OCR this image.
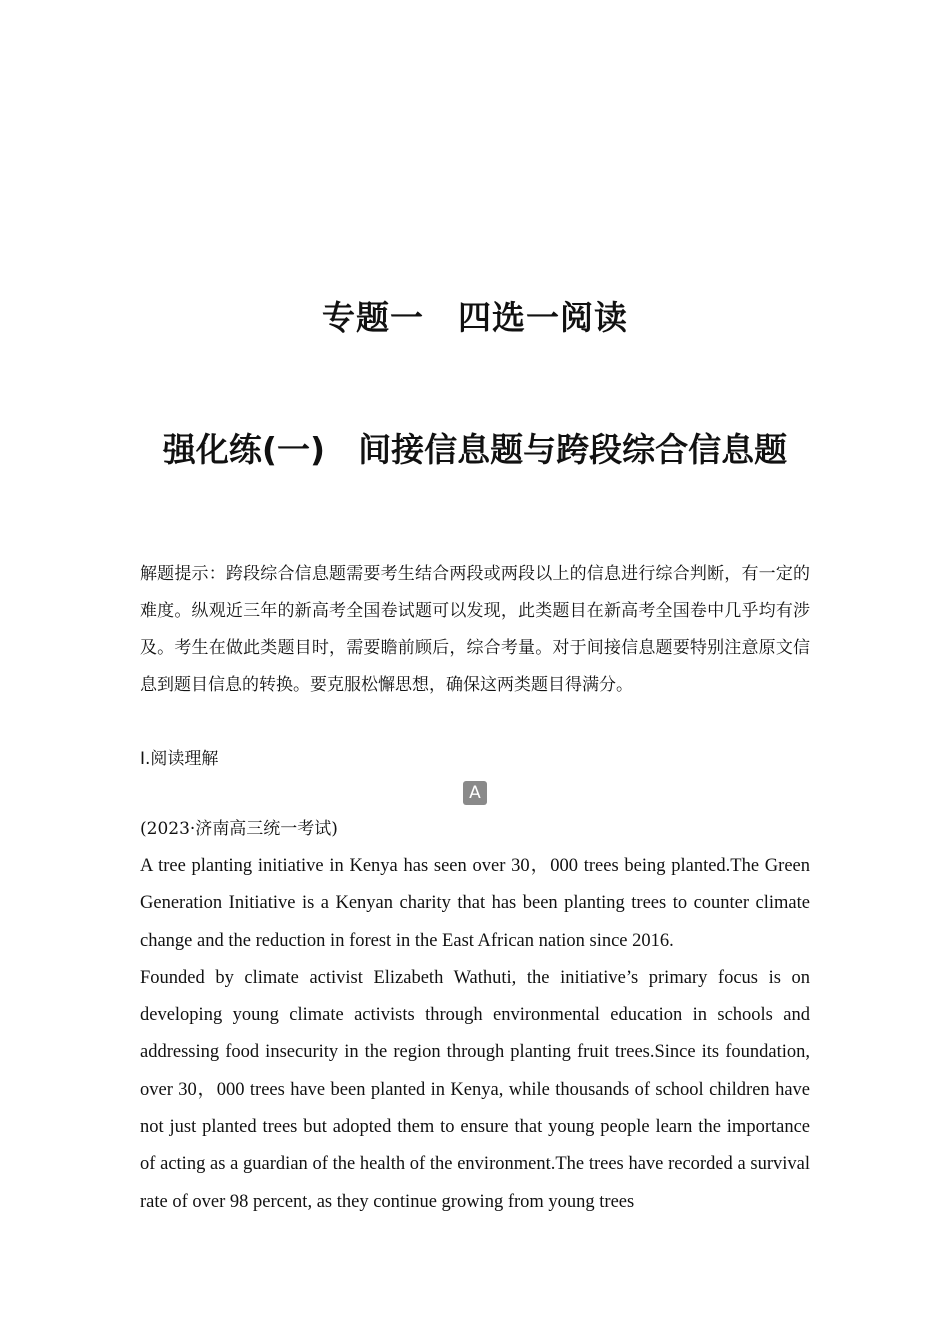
专题一　四选一阅读
强化练(一)　间接信息题与跨段综合信息题

解题提示：跨段综合信息题需要考生结合两段或两段以上的信息进行综合判断，有一定的难度。纵观近三年的新高考全国卷试题可以发现，此类题目在新高考全国卷中几乎均有涉及。考生在做此类题目时，需要瞻前顾后，综合考量。对于间接信息题要特别注意原文信息到题目信息的转换。要克服松懈思想，确保这两类题目得满分。

Ⅰ.阅读理解

A

(2023·济南高三统一考试)

A tree planting initiative in Kenya has seen over 30，000 trees being planted.The Green Generation Initiative is a Kenyan charity that has been planting trees to counter climate change and the reduction in forest in the East African nation since 2016.

Founded by climate activist Elizabeth Wathuti, the initiative’s primary focus is on developing young climate activists through environmental education in schools and addressing food insecurity in the region through planting fruit trees.Since its foundation, over 30，000 trees have been planted in Kenya, while thousands of school children have not just planted trees but adopted them to ensure that young people learn the importance of acting as a guardian of the health of the environment.The trees have recorded a survival rate of over 98 percent, as they continue growing from young trees
